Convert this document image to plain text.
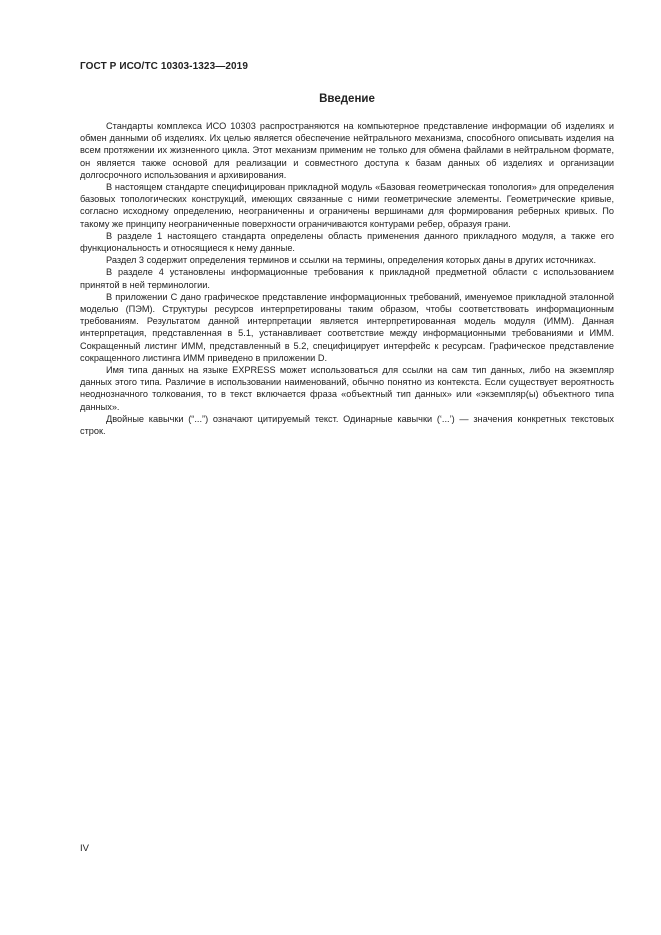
ГОСТ Р ИСО/ТС 10303-1323—2019
Введение

Стандарты комплекса ИСО 10303 распространяются на компьютерное представление информации об изделиях и обмен данными об изделиях. Их целью является обеспечение нейтрального механизма, способного описывать изделия на всем протяжении их жизненного цикла. Этот механизм применим не только для обмена файлами в нейтральном формате, он является также основой для реализации и совместного доступа к базам данных об изделиях и организации долгосрочного использования и архивирования.

В настоящем стандарте специфицирован прикладной модуль «Базовая геометрическая топология» для определения базовых топологических конструкций, имеющих связанные с ними геометрические элементы. Геометрические кривые, согласно исходному определению, неограниченны и ограничены вершинами для формирования реберных кривых. По такому же принципу неограниченные поверхности ограничиваются контурами ребер, образуя грани.

В разделе 1 настоящего стандарта определены область применения данного прикладного модуля, а также его функциональность и относящиеся к нему данные.

Раздел 3 содержит определения терминов и ссылки на термины, определения которых даны в других источниках.

В разделе 4 установлены информационные требования к прикладной предметной области с использованием принятой в ней терминологии.

В приложении С дано графическое представление информационных требований, именуемое прикладной эталонной моделью (ПЭМ). Структуры ресурсов интерпретированы таким образом, чтобы соответствовать информационным требованиям. Результатом данной интерпретации является интерпретированная модель модуля (ИММ). Данная интерпретация, представленная в 5.1, устанавливает соответствие между информационными требованиями и ИММ. Сокращенный листинг ИММ, представленный в 5.2, специфицирует интерфейс к ресурсам. Графическое представление сокращенного листинга ИММ приведено в приложении D.

Имя типа данных на языке EXPRESS может использоваться для ссылки на сам тип данных, либо на экземпляр данных этого типа. Различие в использовании наименований, обычно понятно из контекста. Если существует вероятность неоднозначного толкования, то в текст включается фраза «объектный тип данных» или «экземпляр(ы) объектного типа данных».

Двойные кавычки (“...”) означают цитируемый текст. Одинарные кавычки (‘...’) — значения конкретных текстовых строк.

IV
